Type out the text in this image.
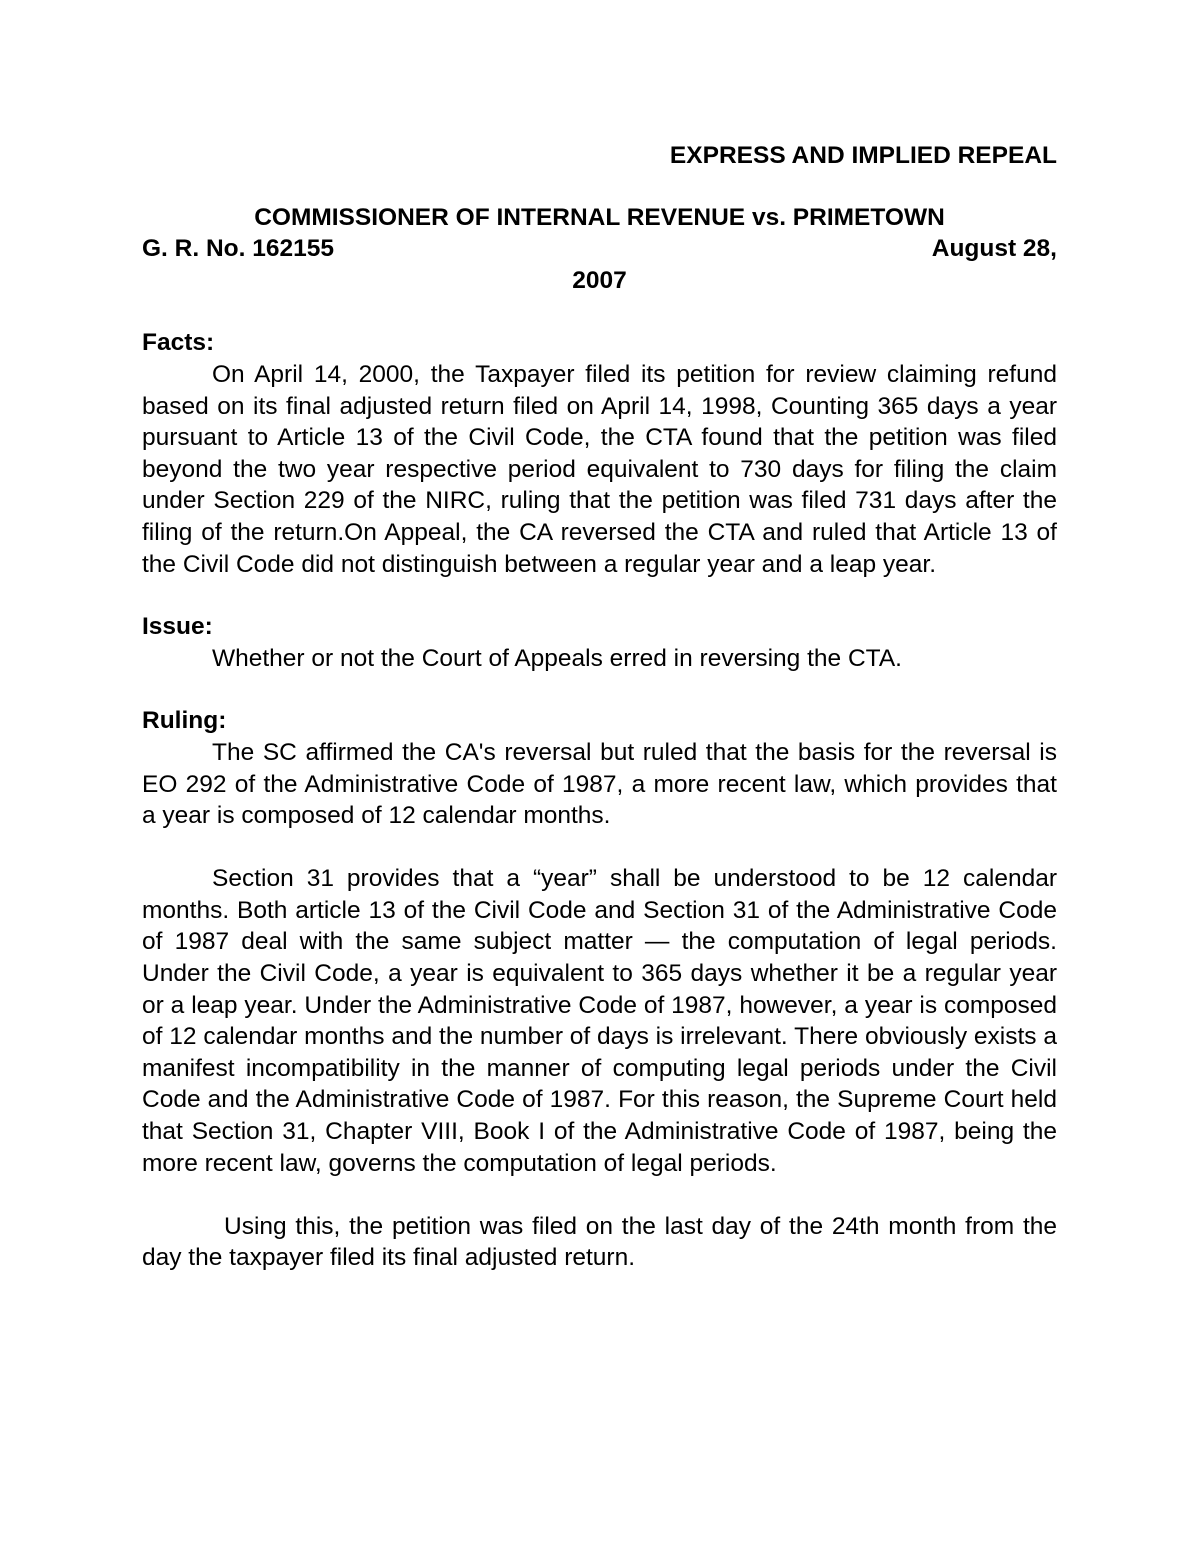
EXPRESS AND IMPLIED REPEAL
COMMISSIONER OF INTERNAL REVENUE vs. PRIMETOWN
G. R. No. 162155	August 28,
2007
Facts:

On April 14, 2000, the Taxpayer filed its petition for review claiming refund based on its final adjusted return filed on April 14, 1998, Counting 365 days a year pursuant to Article 13 of the Civil Code, the CTA found that the petition was filed beyond the two year respective period equivalent to 730 days for filing the claim under Section 229 of the NIRC, ruling that the petition was filed 731 days after the filing of the return.On Appeal, the CA reversed the CTA and ruled that Article 13 of the Civil Code did not distinguish between a regular year and a leap year.

Issue:

Whether or not the Court of Appeals erred in reversing the CTA.

Ruling:

The SC affirmed the CA's reversal but ruled that the basis for the reversal is EO 292 of the Administrative Code of 1987, a more recent law, which provides that a year is composed of 12 calendar months.

Section 31 provides that a “year” shall be understood to be 12 calendar months. Both article 13 of the Civil Code and Section 31 of the Administrative Code of 1987 deal with the same subject matter — the computation of legal periods. Under the Civil Code, a year is equivalent to 365 days whether it be a regular year or a leap year. Under the Administrative Code of 1987, however, a year is composed of 12 calendar months and the number of days is irrelevant. There obviously exists a manifest incompatibility in the manner of computing legal periods under the Civil Code and the Administrative Code of 1987. For this reason, the Supreme Court held that Section 31, Chapter VIII, Book I of the Administrative Code of 1987, being the more recent law, governs the computation of legal periods.

Using this, the petition was filed on the last day of the 24th month from the day the taxpayer filed its final adjusted return.
